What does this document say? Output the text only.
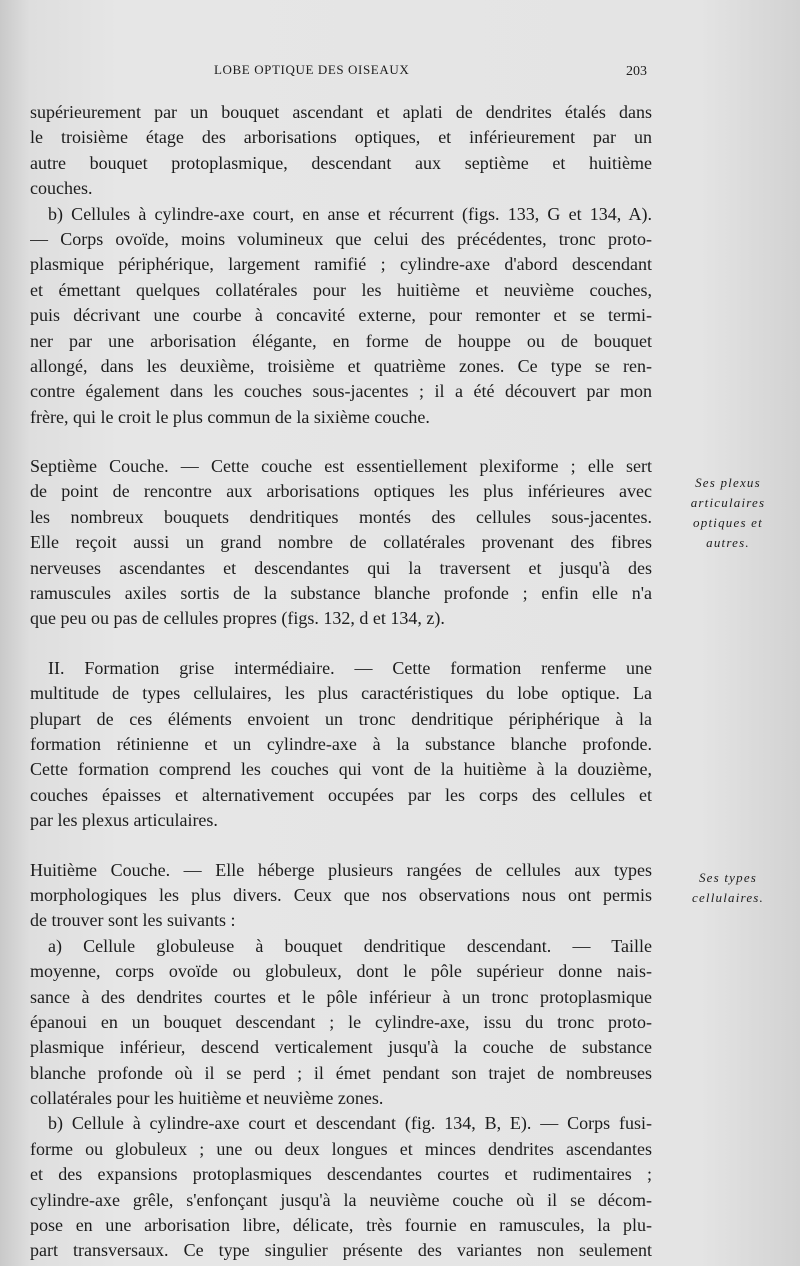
LOBE OPTIQUE DES OISEAUX	203
supérieurement par un bouquet ascendant et aplati de dendrites étalés dans
le troisième étage des arborisations optiques, et inférieurement par un
autre bouquet protoplasmique, descendant aux septième et huitième
couches.
b) Cellules à cylindre-axe court, en anse et récurrent (figs. 133, G et 134, A).
— Corps ovoïde, moins volumineux que celui des précédentes, tronc proto-
plasmique périphérique, largement ramifié ; cylindre-axe d'abord descendant
et émettant quelques collatérales pour les huitième et neuvième couches,
puis décrivant une courbe à concavité externe, pour remonter et se termi-
ner par une arborisation élégante, en forme de houppe ou de bouquet
allongé, dans les deuxième, troisième et quatrième zones. Ce type se ren-
contre également dans les couches sous-jacentes ; il a été découvert par mon
frère, qui le croit le plus commun de la sixième couche.
Septième Couche. — Cette couche est essentiellement plexiforme ; elle sert
de point de rencontre aux arborisations optiques les plus inférieures avec
les nombreux bouquets dendritiques montés des cellules sous-jacentes.
Elle reçoit aussi un grand nombre de collatérales provenant des fibres
nerveuses ascendantes et descendantes qui la traversent et jusqu'à des
ramuscules axiles sortis de la substance blanche profonde ; enfin elle n'a
que peu ou pas de cellules propres (figs. 132, d et 134, z).
II. Formation grise intermédiaire. — Cette formation renferme une
multitude de types cellulaires, les plus caractéristiques du lobe optique. La
plupart de ces éléments envoient un tronc dendritique périphérique à la
formation rétinienne et un cylindre-axe à la substance blanche profonde.
Cette formation comprend les couches qui vont de la huitième à la douzième,
couches épaisses et alternativement occupées par les corps des cellules et
par les plexus articulaires.
Huitième Couche. — Elle héberge plusieurs rangées de cellules aux types
morphologiques les plus divers. Ceux que nos observations nous ont permis
de trouver sont les suivants :
a) Cellule globuleuse à bouquet dendritique descendant. — Taille
moyenne, corps ovoïde ou globuleux, dont le pôle supérieur donne nais-
sance à des dendrites courtes et le pôle inférieur à un tronc protoplasmique
épanoui en un bouquet descendant ; le cylindre-axe, issu du tronc proto-
plasmique inférieur, descend verticalement jusqu'à la couche de substance
blanche profonde où il se perd ; il émet pendant son trajet de nombreuses
collatérales pour les huitième et neuvième zones.
b) Cellule à cylindre-axe court et descendant (fig. 134, B, E). — Corps fusi-
forme ou globuleux ; une ou deux longues et minces dendrites ascendantes
et des expansions protoplasmiques descendantes courtes et rudimentaires ;
cylindre-axe grêle, s'enfonçant jusqu'à la neuvième couche où il se décom-
pose en une arborisation libre, délicate, très fournie en ramuscules, la plu-
part transversaux. Ce type singulier présente des variantes non seulement
Ses plexus
articulaires
optiques et
autres.
Ses types
cellulaires.
